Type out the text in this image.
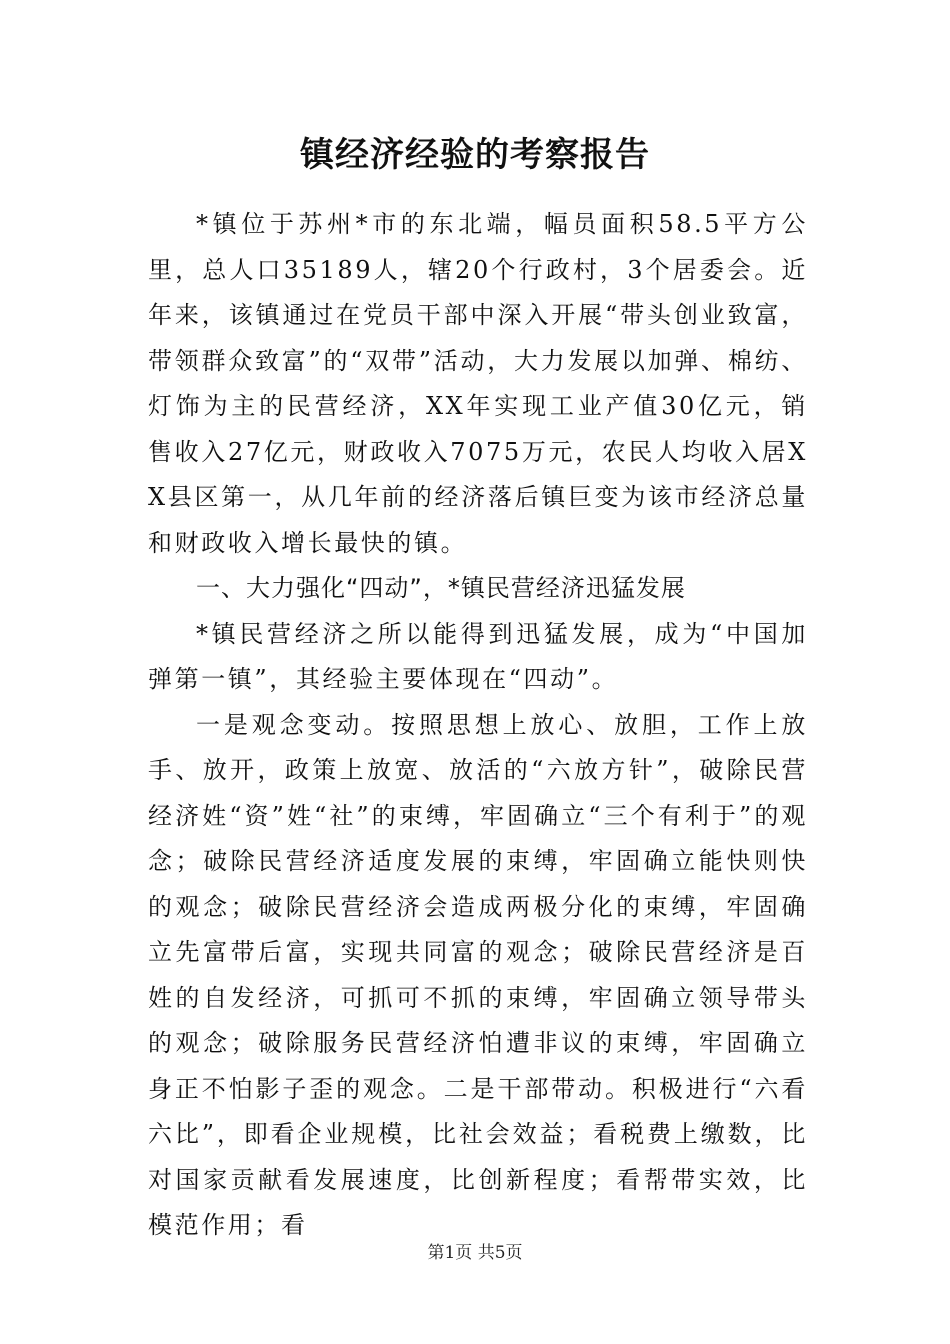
镇经济经验的考察报告

*镇位于苏州*市的东北端，幅员面积58.5平方公里，总人口35189人，辖20个行政村，3个居委会。近年来，该镇通过在党员干部中深入开展“带头创业致富，带领群众致富”的“双带”活动，大力发展以加弹、棉纺、灯饰为主的民营经济，XX年实现工业产值30亿元，销售收入27亿元，财政收入7075万元，农民人均收入居XX县区第一，从几年前的经济落后镇巨变为该市经济总量和财政收入增长最快的镇。

一、大力强化“四动”，*镇民营经济迅猛发展

*镇民营经济之所以能得到迅猛发展，成为“中国加弹第一镇”，其经验主要体现在“四动”。

一是观念变动。按照思想上放心、放胆，工作上放手、放开，政策上放宽、放活的“六放方针”，破除民营经济姓“资”姓“社”的束缚，牢固确立“三个有利于”的观念；破除民营经济适度发展的束缚，牢固确立能快则快的观念；破除民营经济会造成两极分化的束缚，牢固确立先富带后富，实现共同富的观念；破除民营经济是百姓的自发经济，可抓可不抓的束缚，牢固确立领导带头的观念；破除服务民营经济怕遭非议的束缚，牢固确立身正不怕影子歪的观念。二是干部带动。积极进行“六看六比”，即看企业规模，比社会效益；看税费上缴数，比对国家贡献看发展速度，比创新程度；看帮带实效，比模范作用；看

第1页 共5页
